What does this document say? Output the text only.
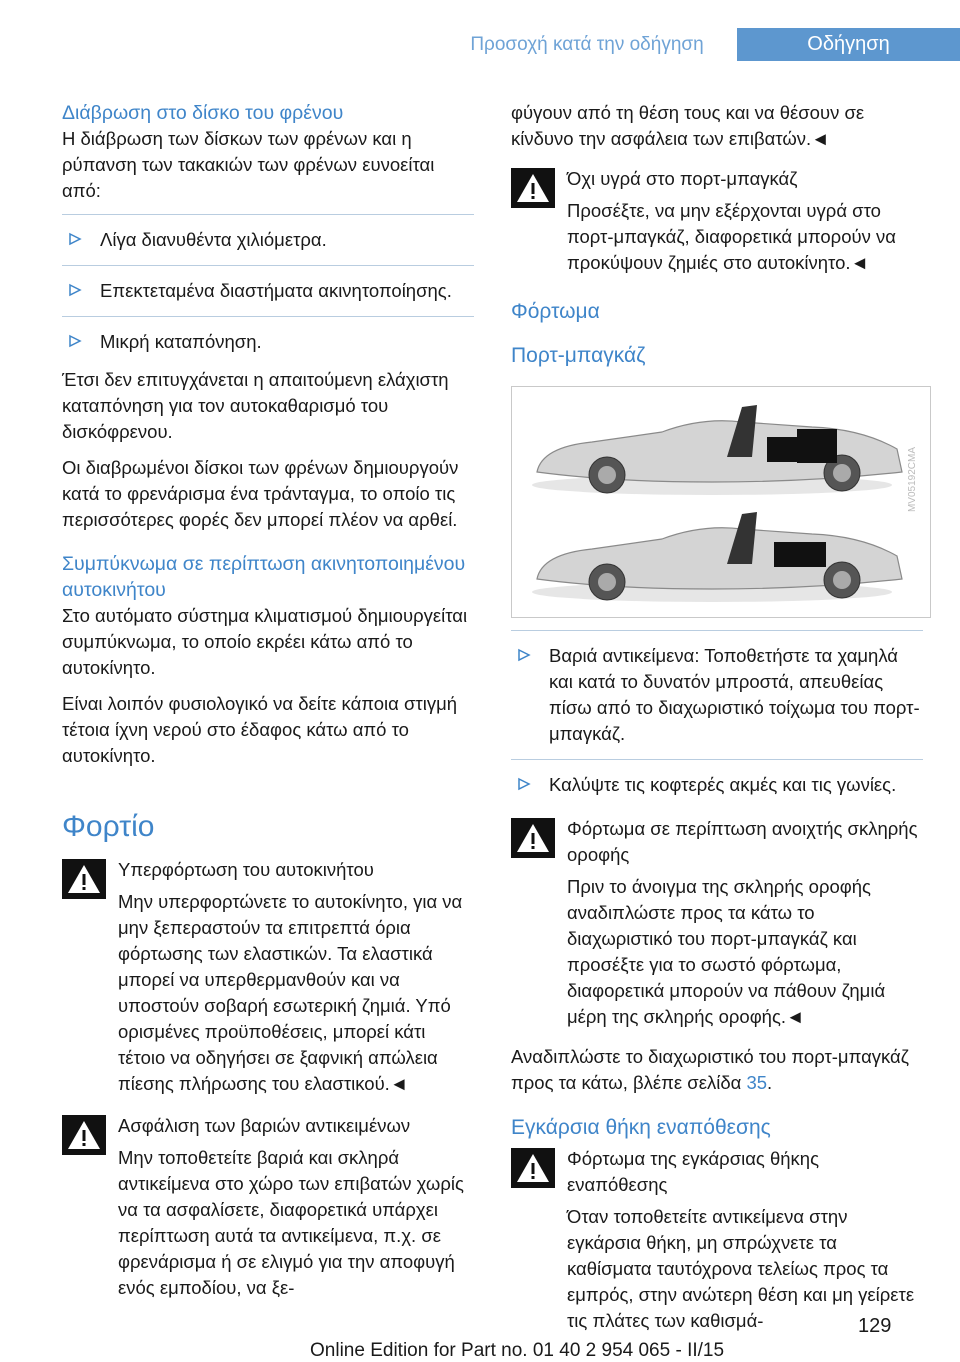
Προσοχή κατά την οδήγηση	Οδήγηση
Διάβρωση στο δίσκο του φρένου

Η διάβρωση των δίσκων των φρένων και η ρύπανση των τακακιών των φρένων ευνοείται από:

Λίγα διανυθέντα χιλιόμετρα.
Επεκτεταμένα διαστήματα ακινητοποίησης.
Μικρή καταπόνηση.

Έτσι δεν επιτυγχάνεται η απαιτούμενη ελάχιστη καταπόνηση για τον αυτοκαθαρισμό του δισκόφρενου.

Οι διαβρωμένοι δίσκοι των φρένων δημιουργούν κατά το φρενάρισμα ένα τράνταγμα, το οποίο τις περισσότερες φορές δεν μπορεί πλέον να αρθεί.

Συμπύκνωμα σε περίπτωση ακινητοποιημένου αυτοκινήτου

Στο αυτόματο σύστημα κλιματισμού δημιουργείται συμπύκνωμα, το οποίο εκρέει κάτω από το αυτοκίνητο.

Είναι λοιπόν φυσιολογικό να δείτε κάποια στιγμή τέτοια ίχνη νερού στο έδαφος κάτω από το αυτοκίνητο.

Φορτίο
Υπερφόρτωση του αυτοκινήτου
Μην υπερφορτώνετε το αυτοκίνητο, για να μην ξεπεραστούν τα επιτρεπτά όρια φόρτωσης των ελαστικών. Τα ελαστικά μπορεί να υπερθερμανθούν και να υποστούν σοβαρή εσωτερική ζημιά. Υπό ορισμένες προϋποθέσεις, μπορεί κάτι τέτοιο να οδηγήσει σε ξαφνική απώλεια πίεσης πλήρωσης του ελαστικού.◄
Ασφάλιση των βαριών αντικειμένων
Μην τοποθετείτε βαριά και σκληρά αντικείμενα στο χώρο των επιβατών χωρίς να τα ασφαλίσετε, διαφορετικά υπάρχει περίπτωση αυτά τα αντικείμενα, π.χ. σε φρενάρισμα ή σε ελιγμό για την αποφυγή ενός εμποδίου, να ξε-

φύγουν από τη θέση τους και να θέσουν σε κίνδυνο την ασφάλεια των επιβατών.◄

Όχι υγρά στο πορτ-μπαγκάζ
Προσέξτε, να μην εξέρχονται υγρά στο πορτ-μπαγκάζ, διαφορετικά μπορούν να προκύψουν ζημιές στο αυτοκίνητο.◄
Φόρτωμα
Πορτ-μπαγκάζ
MV05192CMA
Βαριά αντικείμενα: Τοποθετήστε τα χαμηλά και κατά το δυνατόν μπροστά, απευθείας πίσω από το διαχωριστικό τοίχωμα του πορτ-μπαγκάζ.
Καλύψτε τις κοφτερές ακμές και τις γωνίες.
Φόρτωμα σε περίπτωση ανοιχτής σκληρής οροφής
Πριν το άνοιγμα της σκληρής οροφής αναδιπλώστε προς τα κάτω το διαχωριστικό του πορτ-μπαγκάζ και προσέξτε για το σωστό φόρτωμα, διαφορετικά μπορούν να πάθουν ζημιά μέρη της σκληρής οροφής.◄

Αναδιπλώστε το διαχωριστικό του πορτ-μπαγκάζ προς τα κάτω, βλέπε σελίδα 35.

Εγκάρσια θήκη εναπόθεσης
Φόρτωμα της εγκάρσιας θήκης εναπόθεσης
Όταν τοποθετείτε αντικείμενα στην εγκάρσια θήκη, μη σπρώχνετε τα καθίσματα ταυτόχρονα τελείως προς τα εμπρός, στην ανώτερη θέση και μη γείρετε τις πλάτες των καθισμά-	129
Online Edition for Part no. 01 40 2 954 065 - II/15
